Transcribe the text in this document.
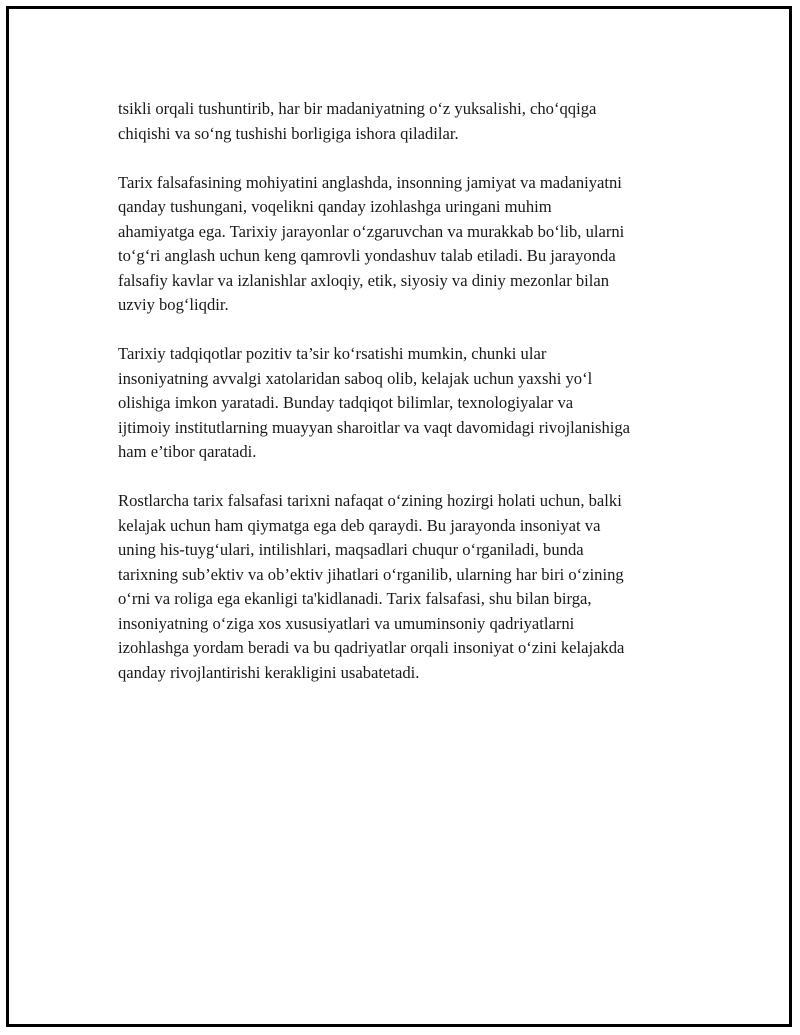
tsikli orqali tushuntirib, har bir madaniyatning o‘z yuksalishi, cho‘qqiga
chiqishi va so‘ng tushishi borligiga ishora qiladilar.

Tarix falsafasining mohiyatini anglashda, insonning jamiyat va madaniyatni
qanday tushungani, voqelikni qanday izohlashga uringani muhim
ahamiyatga ega. Tarixiy jarayonlar o‘zgaruvchan va murakkab bo‘lib, ularni
to‘g‘ri anglash uchun keng qamrovli yondashuv talab etiladi. Bu jarayonda
falsafiy kavlar va izlanishlar axloqiy, etik, siyosiy va diniy mezonlar bilan
uzviy bog‘liqdir.

Tarixiy tadqiqotlar pozitiv ta’sir ko‘rsatishi mumkin, chunki ular
insoniyatning avvalgi xatolaridan saboq olib, kelajak uchun yaxshi yo‘l
olishiga imkon yaratadi. Bunday tadqiqot bilimlar, texnologiyalar va
ijtimoiy institutlarning muayyan sharoitlar va vaqt davomidagi rivojlanishiga
ham e’tibor qaratadi.

Rostlarcha tarix falsafasi tarixni nafaqat o‘zining hozirgi holati uchun, balki
kelajak uchun ham qiymatga ega deb qaraydi. Bu jarayonda insoniyat va
uning his-tuyg‘ulari, intilishlari, maqsadlari chuqur o‘rganiladi, bunda
tarixning sub’ektiv va ob’ektiv jihatlari o‘rganilib, ularning har biri o‘zining
o‘rni va roliga ega ekanligi ta'kidlanadi. Tarix falsafasi, shu bilan birga,
insoniyatning o‘ziga xos xususiyatlari va umuminsoniy qadriyatlarni
izohlashga yordam beradi va bu qadriyatlar orqali insoniyat o‘zini kelajakda
qanday rivojlantirishi kerakligini usabatetadi.
